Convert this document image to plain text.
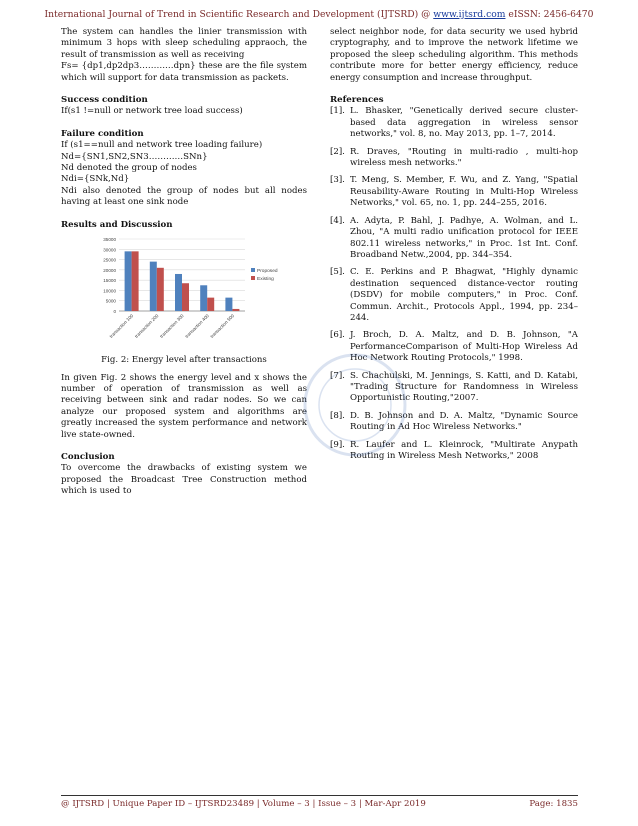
International Journal of Trend in Scientific Research and Development (IJTSRD) @ www.ijtsrd.com eISSN: 2456-6470

The system can handles the linier transmission with minimum 3 hops with sleep scheduling appraoch, the result of transmission as well as receiving

Fs= {dp1,dp2dp3…………dpn} these are the file system which will support for data transmission as packets.

Success condition

If(s1 !=null or network tree load success)

Failure condition

If (s1==null and network tree loading failure)

Nd={SN1,SN2,SN3…………SNn}

Nd denoted the group of nodes

Ndi={SNk,Nd}

Ndi also denoted the group of nodes but all nodes having at least one sink node

Results and Discussion

0
5000
10000
15000
20000
25000
30000
35000
transaction 100 transaction 200 transaction 300 transaction 400 transaction 500
Proposed
Existing

Fig. 2: Energy level after transactions

In given Fig. 2 shows the energy level and x shows the number of operation of transmission as well as receiving between sink and radar nodes. So we can analyze our proposed system and algorithms are greatly increased the system performance and network live state-owned.

Conclusion

To overcome the drawbacks of existing system we proposed the Broadcast Tree Construction method which is used to

select neighbor node, for data security we used hybrid cryptography, and to improve the network lifetime we proposed the sleep scheduling algorithm. This methods contribute more for better energy efficiency, reduce energy consumption and increase throughput.

References

[1]. L. Bhasker, "Genetically derived secure cluster-based data aggregation in wireless sensor networks," vol. 8, no. May 2013, pp. 1–7, 2014.
[2]. R. Draves, "Routing in multi-radio , multi-hop wireless mesh networks."
[3]. T. Meng, S. Member, F. Wu, and Z. Yang, "Spatial Reusability-Aware Routing in Multi-Hop Wireless Networks," vol. 65, no. 1, pp. 244–255, 2016.
[4]. A. Adyta, P. Bahl, J. Padhye, A. Wolman, and L. Zhou, "A multi radio unification protocol for IEEE 802.11 wireless networks," in Proc. 1st Int. Conf. Broadband Netw.,2004, pp. 344–354.
[5]. C. E. Perkins and P. Bhagwat, "Highly dynamic destination sequenced distance-vector routing (DSDV) for mobile computers," in Proc. Conf. Commun. Archit., Protocols Appl., 1994, pp. 234–244.
[6]. J. Broch, D. A. Maltz, and D. B. Johnson, "A PerformanceComparison of Multi-Hop Wireless Ad Hoc Network Routing Protocols," 1998.
[7]. S. Chachulski, M. Jennings, S. Katti, and D. Katabi, "Trading Structure for Randomness in Wireless Opportunistic Routing,"2007.
[8]. D. B. Johnson and D. A. Maltz, "Dynamic Source Routing in Ad Hoc Wireless Networks."
[9]. R. Laufer and L. Kleinrock, "Multirate Anypath Routing in Wireless Mesh Networks," 2008
@ IJTSRD | Unique Paper ID – IJTSRD23489 | Volume – 3 | Issue – 3 | Mar-Apr 2019	Page: 1835
